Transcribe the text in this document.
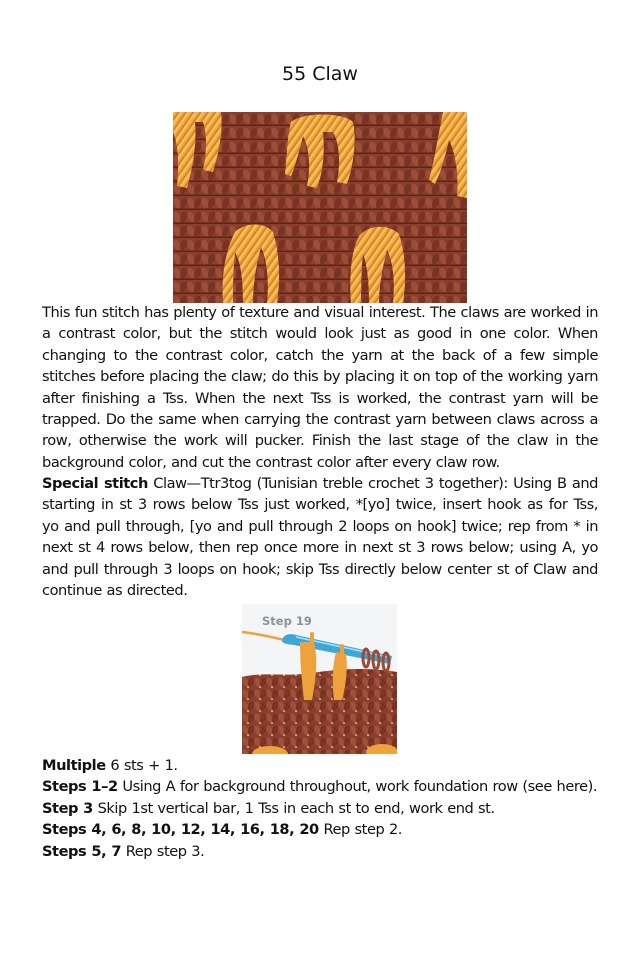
55 Claw

This fun stitch has plenty of texture and visual interest. The claws are worked in a contrast color, but the stitch would look just as good in one color. When changing to the contrast color, catch the yarn at the back of a few simple stitches before placing the claw; do this by placing it on top of the working yarn after finishing a Tss. When the next Tss is worked, the contrast yarn will be trapped. Do the same when carrying the contrast yarn between claws across a row, otherwise the work will pucker. Finish the last stage of the claw in the background color, and cut the contrast color after every claw row.

Special stitch Claw—Ttr3tog (Tunisian treble crochet 3 together): Using B and starting in st 3 rows below Tss just worked, *[yo] twice, insert hook as for Tss, yo and pull through, [yo and pull through 2 loops on hook] twice; rep from * in next st 4 rows below, then rep once more in next st 3 rows below; using A, yo and pull through 3 loops on hook; skip Tss directly below center st of Claw and continue as directed.

Step 19

Multiple 6 sts + 1.

Steps 1–2 Using A for background throughout, work foundation row (see here).

Step 3 Skip 1st vertical bar, 1 Tss in each st to end, work end st.

Steps 4, 6, 8, 10, 12, 14, 16, 18, 20 Rep step 2.

Steps 5, 7 Rep step 3.
